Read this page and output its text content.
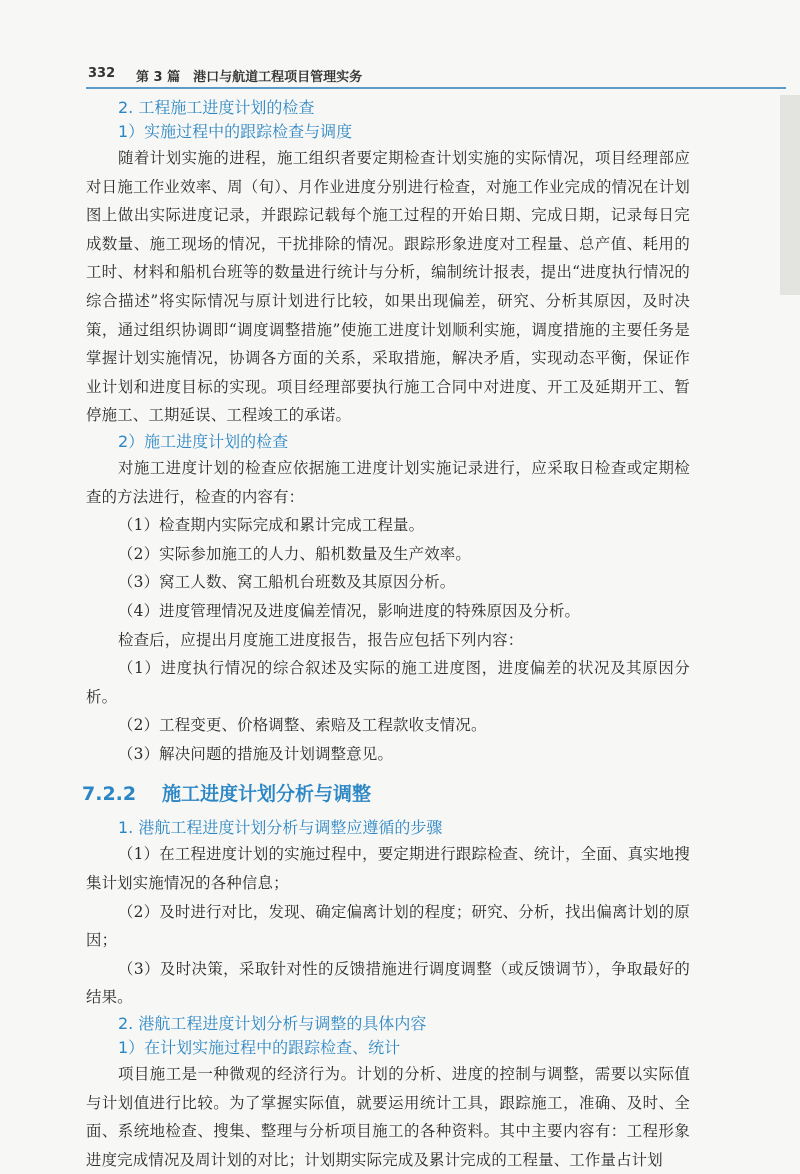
332 第 3 篇　港口与航道工程项目管理实务

2. 工程施工进度计划的检查

1）实施过程中的跟踪检查与调度

随着计划实施的进程，施工组织者要定期检查计划实施的实际情况，项目经理部应对日施工作业效率、周（旬）、月作业进度分别进行检查，对施工作业完成的情况在计划图上做出实际进度记录，并跟踪记载每个施工过程的开始日期、完成日期，记录每日完成数量、施工现场的情况，干扰排除的情况。跟踪形象进度对工程量、总产值、耗用的工时、材料和船机台班等的数量进行统计与分析，编制统计报表，提出“进度执行情况的综合描述”将实际情况与原计划进行比较，如果出现偏差，研究、分析其原因，及时决策，通过组织协调即“调度调整措施”使施工进度计划顺利实施，调度措施的主要任务是掌握计划实施情况，协调各方面的关系，采取措施，解决矛盾，实现动态平衡，保证作业计划和进度目标的实现。项目经理部要执行施工合同中对进度、开工及延期开工、暂停施工、工期延误、工程竣工的承诺。

2）施工进度计划的检查

对施工进度计划的检查应依据施工进度计划实施记录进行，应采取日检查或定期检查的方法进行，检查的内容有：

（1）检查期内实际完成和累计完成工程量。

（2）实际参加施工的人力、船机数量及生产效率。

（3）窝工人数、窝工船机台班数及其原因分析。

（4）进度管理情况及进度偏差情况，影响进度的特殊原因及分析。

检查后，应提出月度施工进度报告，报告应包括下列内容：

（1）进度执行情况的综合叙述及实际的施工进度图，进度偏差的状况及其原因分析。

（2）工程变更、价格调整、索赔及工程款收支情况。

（3）解决问题的措施及计划调整意见。

7.2.2 施工进度计划分析与调整

1. 港航工程进度计划分析与调整应遵循的步骤

（1）在工程进度计划的实施过程中，要定期进行跟踪检查、统计，全面、真实地搜集计划实施情况的各种信息；

（2）及时进行对比，发现、确定偏离计划的程度；研究、分析，找出偏离计划的原因；

（3）及时决策，采取针对性的反馈措施进行调度调整（或反馈调节），争取最好的结果。

2. 港航工程进度计划分析与调整的具体内容

1）在计划实施过程中的跟踪检查、统计

项目施工是一种微观的经济行为。计划的分析、进度的控制与调整，需要以实际值与计划值进行比较。为了掌握实际值，就要运用统计工具，跟踪施工，准确、及时、全面、系统地检查、搜集、整理与分析项目施工的各种资料。其中主要内容有：工程形象进度完成情况及周计划的对比；计划期实际完成及累计完成的工程量、工作量占计划
